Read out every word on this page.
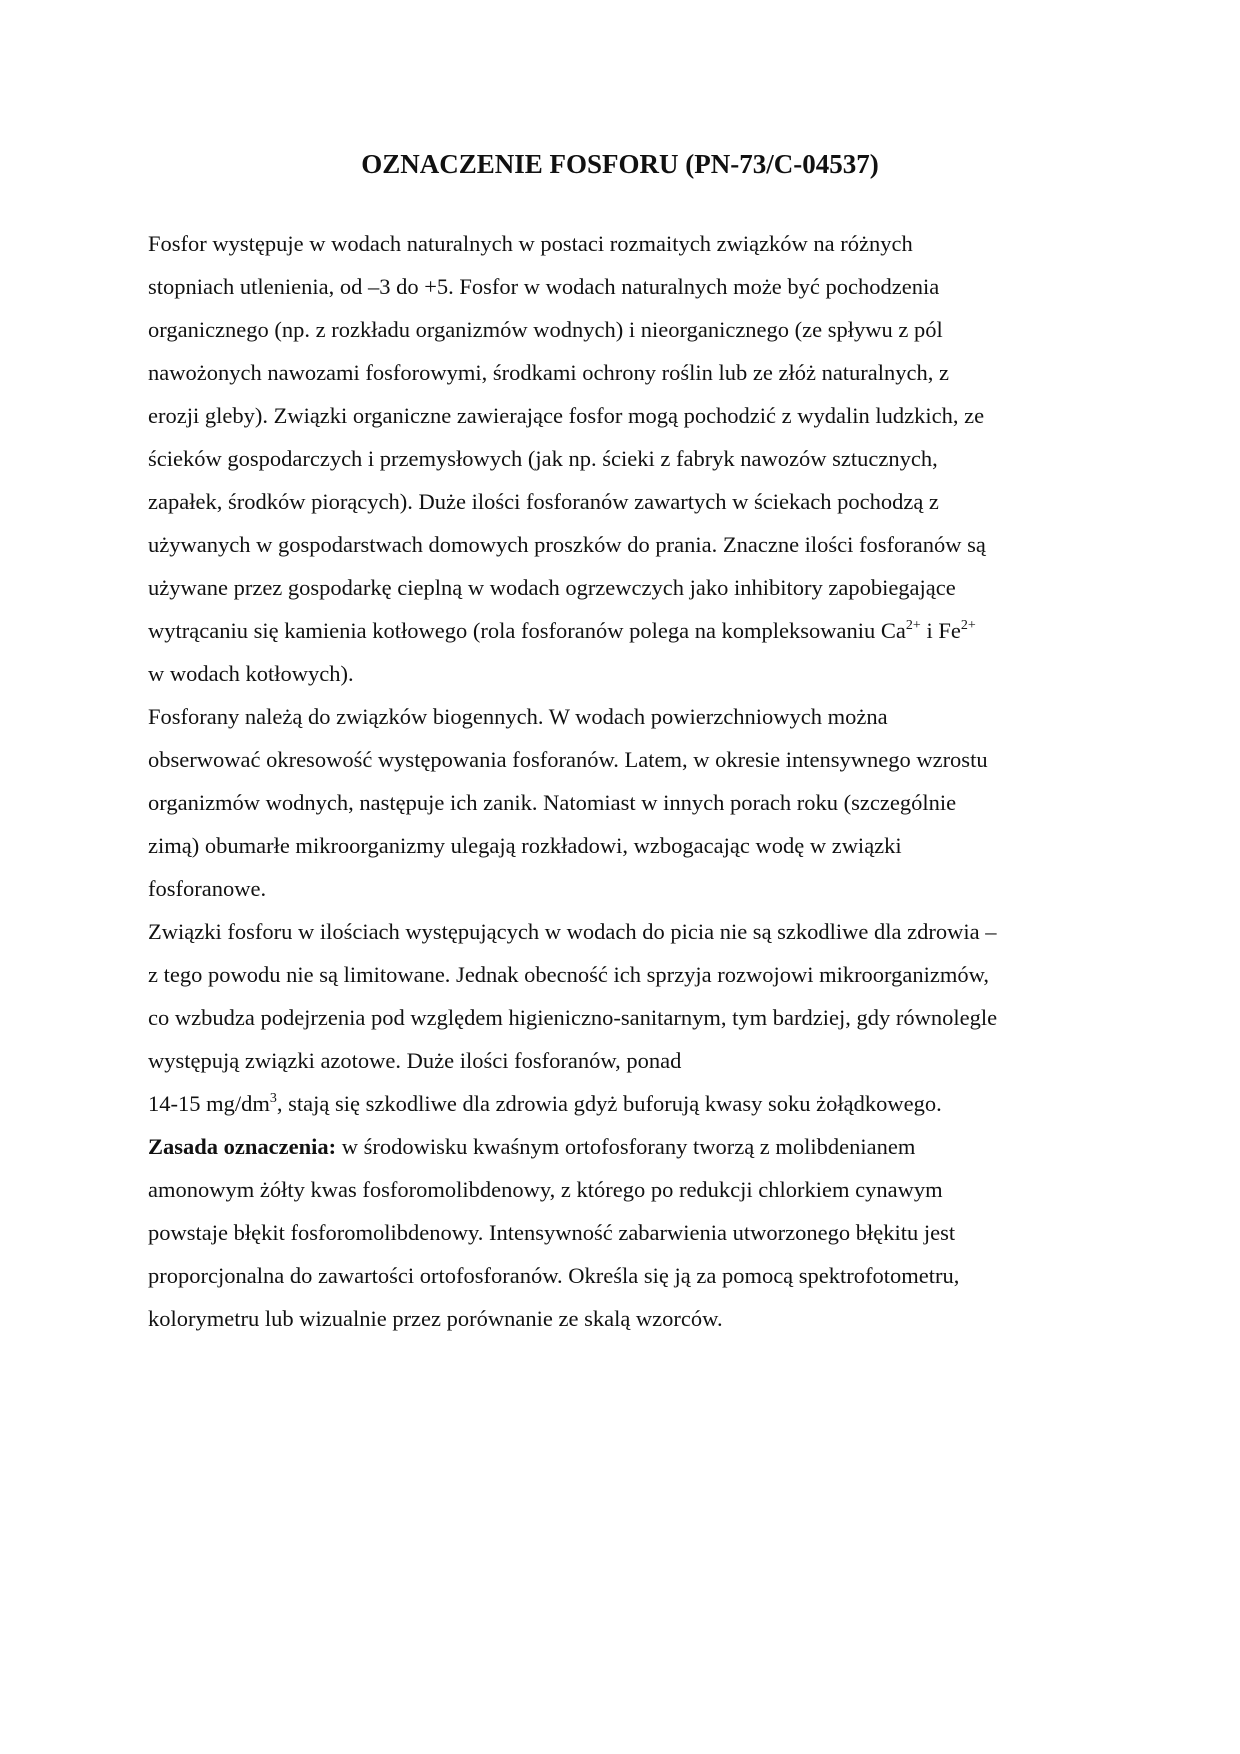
OZNACZENIE FOSFORU (PN-73/C-04537)

Fosfor występuje w wodach naturalnych w postaci rozmaitych związków na różnych
stopniach utlenienia, od –3 do +5. Fosfor w wodach naturalnych może być pochodzenia
organicznego (np. z rozkładu organizmów wodnych) i nieorganicznego (ze spływu z pól
nawożonych nawozami fosforowymi, środkami ochrony roślin lub ze złóż naturalnych, z
erozji gleby). Związki organiczne zawierające fosfor mogą pochodzić z wydalin ludzkich, ze
ścieków gospodarczych i przemysłowych (jak np. ścieki z fabryk nawozów sztucznych,
zapałek, środków piorących). Duże ilości fosforanów zawartych w ściekach pochodzą z
używanych w gospodarstwach domowych proszków do prania. Znaczne ilości fosforanów są
używane przez gospodarkę cieplną w wodach ogrzewczych jako inhibitory zapobiegające
wytrącaniu się kamienia kotłowego (rola fosforanów polega na kompleksowaniu $Ca^{2+}$ i $Fe^{2+}$
w wodach kotłowych).

Fosforany należą do związków biogennych. W wodach powierzchniowych można
obserwować okresowość występowania fosforanów. Latem, w okresie intensywnego wzrostu
organizmów wodnych, następuje ich zanik. Natomiast w innych porach roku (szczególnie
zimą) obumarłe mikroorganizmy ulegają rozkładowi, wzbogacając wodę w związki
fosforanowe.

Związki fosforu w ilościach występujących w wodach do picia nie są szkodliwe dla zdrowia –
z tego powodu nie są limitowane. Jednak obecność ich sprzyja rozwojowi mikroorganizmów,
co wzbudza podejrzenia pod względem higieniczno-sanitarnym, tym bardziej, gdy równolegle
występują związki azotowe. Duże ilości fosforanów, ponad
14-15 $mg/dm^3$, stają się szkodliwe dla zdrowia gdyż buforują kwasy soku żołądkowego.

Zasada oznaczenia: w środowisku kwaśnym ortofosforany tworzą z molibdenianem
amonowym żółty kwas fosforomolibdenowy, z którego po redukcji chlorkiem cynawym
powstaje błękit fosforomolibdenowy. Intensywność zabarwienia utworzonego błękitu jest
proporcjonalna do zawartości ortofosforanów. Określa się ją za pomocą spektrofotometru,
kolorymetru lub wizualnie przez porównanie ze skalą wzorców.
